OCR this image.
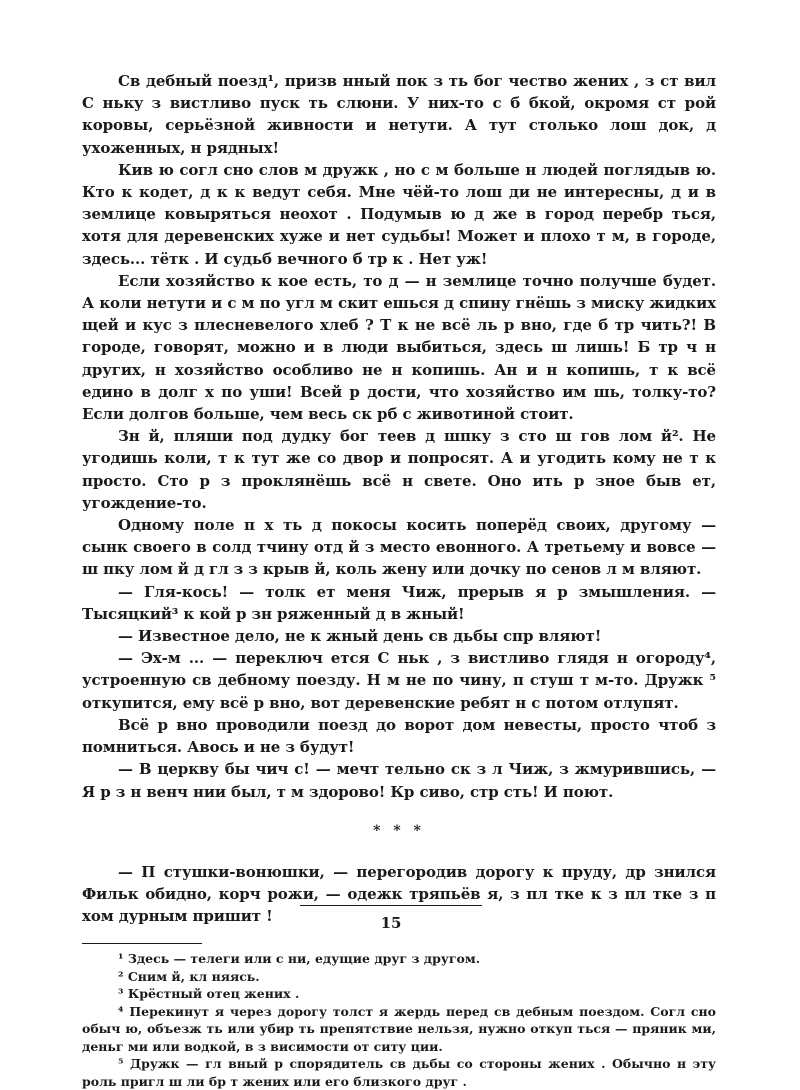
Св дебный поезд¹, призв нный пок з ть бог чество жених , з ст вил С нькy з вистливо пуск ть слюни. У них-то с б бкой, окромя ст рой коровы, серьёзной живности и нетути. А тут столько лош док, д ухоженных, н рядных!

Кив ю согл сно слов м дружк , но с м больше н людей поглядыв ю. Кто к кодет, д к к ведут себя. Мне чёй-то лош ди не интересны, д и в землице ковыряться неохот . Подумыв ю д же в город перебр ться, хотя для деревенских хуже и нет судьбы! Может и плохо т м, в городе, здесь... тётк . И судьб вечного б тр к . Нет уж!

Если хозяйство к кое есть, то д — н землице точно получше будет. А коли нетути и с м по угл м скит ешься д спину гнёшь з миску жидких щей и кус з плесневелого хлеб ? Т к не всё ль р вно, где б тр чить?! В городе, говорят, можно и в люди выбиться, здесь ш лишь! Б тр ч н других, н хозяйство особливо не н копишь. Ан и н копишь, т к всё едино в долг х по уши! Всей р дости, что хозяйство им шь, толку-то? Если долгов больше, чем весь ск рб с животиной стоит.

Зн й, пляши под дудку бог теев д шпку з сто ш гов лом й². Не угодишь коли, т к тут же со двор и попросят. А и угодить кому не т к просто. Сто р з проклянёшь всё н свете. Оно ить р зное быв ет, угождение-то.

Одному поле п х ть д покосы косить поперёд своих, другому — сынк своего в солд тчину отд й з место евонного. А третьему и вовсе — ш пку лом й д гл з з крыв й, коль жену или дочку по сенов л м вляют.

— Гля-кось! — толк ет меня Чиж, прерыв я р змышления. — Тысяцкий³ к кой р зн ряженный д в жный!

— Известное дело, не к жный день св дьбы спр вляют!

— Эх-м ... — переключ ется С ньк , з вистливо глядя н огороду⁴, устроенную св дебному поезду. Н м не по чину, п стуш т м-то. Дружк ⁵ откупится, ему всё р вно, вот деревенские ребят н с потом отлупят.

Всё р вно проводили поезд до ворот дом невесты, просто чтоб з помниться. Авось и не з будут!

— В церкву бы чич с! — мечт тельно ск з л Чиж, з жмурившись, — Я р з н венч нии был, т м здорово! Кр сиво, стр сть! И поют.

* * *

— П стушки-вонюшки, — перегородив дорогу к пруду, др знился Фильк обидно, корч рожи, — одежк тряпьёв я, з пл тке к з пл тке з п хом дурным пришит !

¹ Здесь — телеги или с ни, едущие друг з другом.

² Сним й, кл няясь.

³ Крёстный отец жених .

⁴ Перекинут я через дорогу толст я жердь перед св дебным поездом. Согл сно обыч ю, объезж ть или убир ть препятствие нельзя, нужно откуп ться — пряник ми, деньг ми или водкой, в з висимости от ситу ции.

⁵ Дружк — гл вный р спорядитель св дьбы со стороны жених . Обычно н эту роль пригл ш ли бр т жених или его близкого друг .

15
